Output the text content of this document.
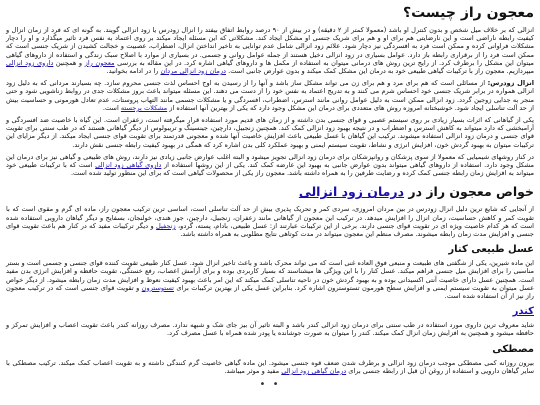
معجون راز چیست؟

انزالی که بر خلاف میل شخص و بدون کنترل او باشد (معمولا کمتر از ۲ دقیقه) و در بیش از ۹۰ درصد روابط اتفاق بیفتد را انزال زودرس یا زود انزالی گویند. به گونه ای که فرد از زمان انزال و کیفیت رابطه ناراضی است و این نارضایتی هم برای او و هم برای شریک جنسی او مشکل ایجاد کند. مشکلاتی که این مسئله ایجاد میکند بر روی اعتماد به نفس فرد تاثیر میگذارد و او را دچار مشکلات فراوانی کرده و ممکن است فرد به افسردگی نیز دچار شود. علائم زود انزالی شامل عدم توانایی به تاخیر انداختن انزال، اضطراب، عصبیت و خجالت کشیدن از شریک جنسی است که ممکن است فرد را از برقراری رابطه باز دارد. عوامل بسیاری در زود انزالی دخیل هستند از جمله عوامل روانی و جسمی. در بسیاری از موارد با اصلاح سبک زندگی و استفاده از داروهای گیاهی میتوان این مشکل را برطرف کرد. از رایج ترین روش های درمانی میتوان به استفاده از مکمل ها و داروهای گیاهی اشاره کرد. در این مقاله به بررسی معجون راز و همچنین داروی زود انزالی میپردازیم. معجون راز با ترکیبات گیاهی طبیعی خود به درمان این مشکل کمک میکند و بدون عوارض جانبی است. درمان زود انزالی مردان را در ادامه بخوانید.

انزال زودرس: از مسائلی است که هم برای مرد و هم برای زن می تواند مشکل ساز باشد و آنها را از رسیدن به اوج احساس لذت جنسی محروم سازد. چه بسیارند مردانی که به دلیل زود انزالی همواره در برابر شریک جنسی خود احساس شرم می کنند و به تدریج اعتماد به نفس خود را از دست می دهند. این مسئله میتواند باعث بروز مشکلات جدی در روابط زناشویی شود و حتی منجر به جدایی زوجین گردد. زود انزالی ممکن است به دلیل عوامل روانی مانند استرس، اضطراب، افسردگی و یا مشکلات جسمی مانند التهاب پروستات، عدم تعادل هورمونی و حساسیت بیش از حد آلت تناسلی ایجاد شود. خوشبختانه امروزه روش های متعددی برای درمان این مشکل وجود دارد که یکی از بهترین آنها استفاده از مشکلات برجسته است.

یکی از گیاهانی که اثرات بسیار زیادی بر روی سیستم عصبی و قوای جنسی بدن داشته و از زمان های قدیم مورد استفاده قرار میگرفته است، زعفران است. این گیاه با خاصیت ضد افسردگی و آرامبخشی که دارد میتواند به کاهش استرس و اضطراب و در نتیجه بهبود زود انزالی کمک کند. همچنین زنجبیل، دارچین، جینسینگ و تریبولوس از دیگر گیاهانی هستند که در طب سنتی برای تقویت قوای جنسی و درمان زود انزالی استفاده میشوند. ترکیب این گیاهان با عسل طبیعی باعث افزایش خاصیت آنها شده و معجونی قدرتمند برای تقویت قوای جنسی ایجاد میکند. از دیگر مزایای این ترکیبات میتوان به بهبود گردش خون، افزایش انرژی و نشاط، تقویت سیستم ایمنی و بهبود عملکرد کلی بدن اشاره کرد که همگی در بهبود کیفیت رابطه جنسی نقش دارند.

در کنار روشهای شیمیایی که معمولا از سوی پزشکان و روانپزشکان برای درمان زود انزالی تجویز میشود و البته اغلب عوارض جانبی زیادی نیز دارند، روش های طبیعی و گیاهی نیز برای درمان این مشکل وجود دارد. استفاده از داروهای گیاهی میتواند بدون عوارض جانبی به بهبود این عارضه کمک کند. یکی از این روشها استفاده از داروی گیاهی زود انزالی است که با ترکیبات طبیعی خود میتواند به افزایش زمان رابطه جنسی کمک کرده و رضایت طرفین را به همراه داشته باشد. معجون راز یکی از محصولات گیاهی است که برای این منظور تولید شده است.

خواص معجون راز در درمان زود انزالی

از آنجایی که شایع ترین دلیل انزال زودرس در بین مردان امروزی، سردی کمر و تحریک پذیری بیش از حد آلت تناسلی است، اساسی ترین ترکیب معجون راز، ماده ای گرم و مقوی است که با تقویت کمر و کاهش حساسیت، زمان انزال را افزایش میدهد. در ترکیب این معجون از گیاهانی مانند زعفران، زنجبیل، دارچین، جوز هندی، خولنجان، بسفایج و دیگر گیاهان دارویی استفاده شده است که هر کدام خاصیت ویژه ای در تقویت قوای جنسی دارند. برخی از این ترکیبات عبارتند از: عسل طبیعی، بادام، پسته، گردو، زنجفیل و دیگر ترکیبات مفید که در کنار هم باعث تقویت قوای جنسی و افزایش مدت زمان رابطه میشوند. مصرف منظم این معجون میتواند در مدت کوتاهی نتایج مطلوبی به همراه داشته باشد.

عسل طبیعی کنار

این ماده شیرین، یکی از شگفتی های طبیعت و منبعی فوق العاده غنی است که می تواند محرک باشد و باعث تاخیر انزال شود. عسل کنار طبیعی تقویت کننده قوای جنسی و جسمی است و بستر مناسبی را برای افزایش میل جنسی فراهم میکند. عسل کنار را با این ویژگی ها میشناسند که بسیار کاربردی بوده و برای آرامش اعصاب، رفع خستگی، تقویت حافظه و افزایش انرژی بدن مفید است. همچنین عسل دارای خاصیت آنتی اکسیدانی بوده و به بهبود گردش خون در ناحیه تناسلی کمک میکند که این امر باعث بهبود کیفیت نعوظ و افزایش مدت زمان رابطه میشود. از دیگر خواص عسل میتوان به تقویت سیستم ایمنی و افزایش سطح هورمون تستوسترون اشاره کرد. بنابراین عسل یکی از بهترین ترکیبات برای تستوسترون و تقویت قوای جنسی است که در ترکیب معجون راز نیز از آن استفاده شده است.

کندر

شاید معروف ترین داروی مورد استفاده در طب سنتی برای درمان زود انزالی کندر باشد و البته تاثیر آن بیز جای شک و شبهه ندارد. مصرف روزانه کندر باعث تقویت اعصاب و افزایش تمرکز و حافظه میشود و همچنین به افزایش زمان انزال کمک میکند. کندر را میتوان به صورت جوشانده یا پودر شده همراه با عسل مصرف کرد.

مصطکی

بیرون روزانه کمی مصطکی موجب درمان زود انزالی و برطرف شدن ضعف قوه جنسی میشود. این ماده گیاهی خاصیت گرم کنندگی داشته و به تقویت اعصاب کمک میکند. ترکیب مصطکی با سایر گیاهان دارویی و استفاده از روغن آن قبل از رابطه جنسی برای درمان گیاهی زود انزالی مفید و موثر میباشد.

• •
